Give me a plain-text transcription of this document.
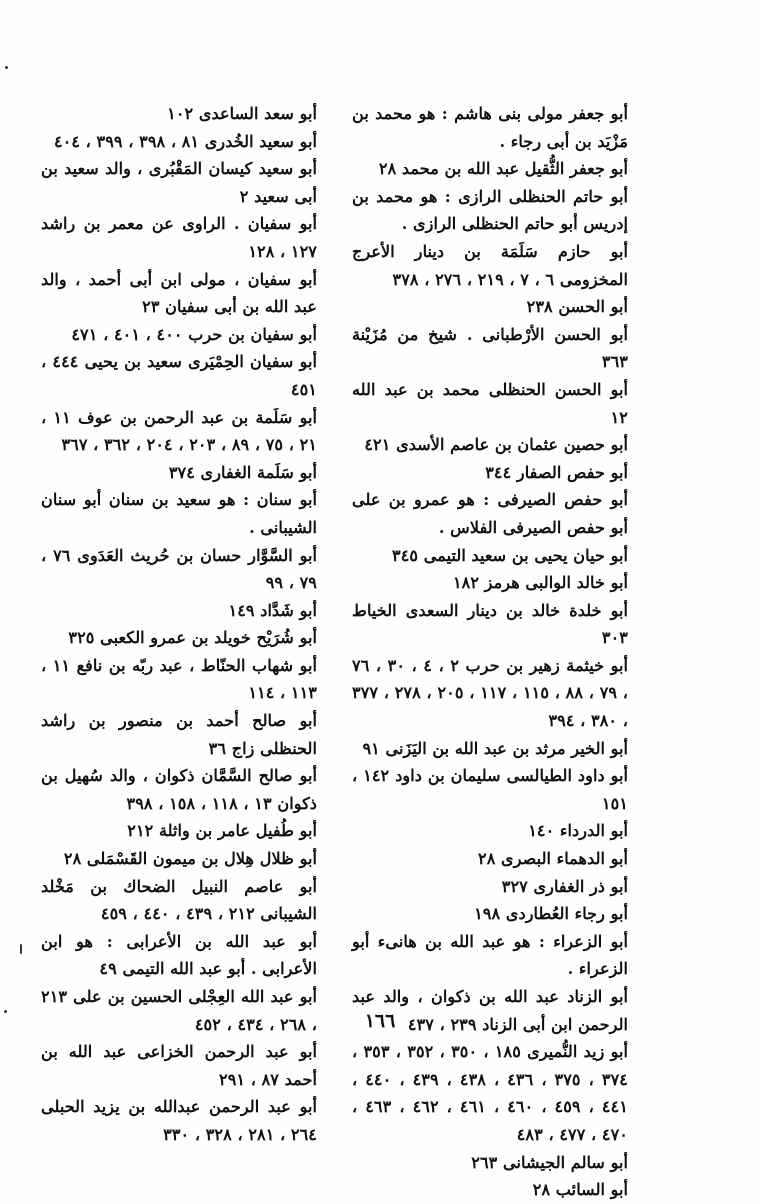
أبو جعفر مولى بنى هاشم : هو محمد بن مَزْيَد بن أبى رجاء .

أبو جعفر الثُّقيل عبد الله بن محمد ٢٨

أبو حاتم الحنظلى الرازى : هو محمد بن إدريس أبو حاتم الحنظلى الرازى .

أبو حازم سَلَمَة بن دينار الأعرج المخزومى ٦ ، ٧ ، ٢١٩ ، ٢٧٦ ، ٣٧٨

أبو الحسن ٢٣٨

أبو الحسن الأرْطبانى . شيخ من مُزَيْنة ٣٦٣

أبو الحسن الحنظلى محمد بن عبد الله ١٢

أبو حصين عثمان بن عاصم الأسدى ٤٢١

أبو حفص الصفار ٣٤٤

أبو حفص الصيرفى : هو عمرو بن على أبو حفص الصيرفى الفلاس .

أبو حيان يحيى بن سعيد التيمى ٣٤٥

أبو خالد الوالبى هرمز ١٨٢

أبو خلدة خالد بن دينار السعدى الخياط ٣٠٣

أبو خيثمة زهير بن حرب ٢ ، ٤ ، ٣٠ ، ٧٦ ، ٧٩ ، ٨٨ ، ١١٥ ، ١١٧ ، ٢٠٥ ، ٢٧٨ ، ٣٧٧ ، ٣٨٠ ، ٣٩٤

أبو الخير مرثد بن عبد الله بن اليَزَنى ٩١

أبو داود الطيالسى سليمان بن داود ١٤٢ ، ١٥١

أبو الدرداء ١٤٠

أبو الدهماء البصرى ٢٨

أبو ذر الغفارى ٣٢٧

أبو رجاء العُطاردى ١٩٨

أبو الزعراء : هو عبد الله بن هانىء أبو الزعراء .

أبو الزناد عبد الله بن ذكوان ، والد عبد الرحمن ابن أبى الزناد ٢٣٩ ، ٤٣٧

أبو زيد النُّميرى ١٨٥ ، ٣٥٠ ، ٣٥٢ ، ٣٥٣ ، ٣٧٤ ، ٣٧٥ ، ٤٣٦ ، ٤٣٨ ، ٤٣٩ ، ٤٤٠ ، ٤٤١ ، ٤٥٩ ، ٤٦٠ ، ٤٦١ ، ٤٦٢ ، ٤٦٣ ، ٤٧٠ ، ٤٧٧ ، ٤٨٣

أبو سالم الجيشانى ٢٦٣

أبو السائب ٢٨

أبو سعد الساعدى ١٠٢

أبو سعيد الخُدرى ٨١ ، ٣٩٨ ، ٣٩٩ ، ٤٠٤

أبو سعيد كيسان المَقْبُرى ، والد سعيد بن أبى سعيد ٢

أبو سفيان . الراوى عن معمر بن راشد ١٢٧ ، ١٢٨

أبو سفيان ، مولى ابن أبى أحمد ، والد عبد الله بن أبى سفيان ٢٣

أبو سفيان بن حرب ٤٠٠ ، ٤٠١ ، ٤٧١

أبو سفيان الحِمْيَرى سعيد بن يحيى ٤٤٤ ، ٤٥١

أبو سَلَمة بن عبد الرحمن بن عوف ١١ ، ٢١ ، ٧٥ ، ٨٩ ، ٢٠٣ ، ٢٠٤ ، ٣٦٢ ، ٣٦٧

أبو سَلَمة الغفارى ٣٧٤

أبو سنان : هو سعيد بن سنان أبو سنان الشيبانى .

أبو السَّوَّار حسان بن حُريث العَدَوى ٧٦ ، ٧٩ ، ٩٩

أبو شَدَّاد ١٤٩

أبو شُرَيْح خويلد بن عمرو الكعبى ٣٢٥

أبو شهاب الحنّاط ، عبد ربّه بن نافع ١١ ، ١١٣ ، ١١٤

أبو صالح أحمد بن منصور بن راشد الحنظلى زاج ٣٦

أبو صالح السَّمَّان ذكوان ، والد سُهيل بن ذكوان ١٣ ، ١١٨ ، ١٥٨ ، ٣٩٨

أبو طُفيل عامر بن واثلة ٢١٢

أبو ظلال هِلال بن ميمون القَسْمَلى ٢٨

أبو عاصم النبيل الضحاك بن مَخْلد الشيبانى ٢١٢ ، ٤٣٩ ، ٤٤٠ ، ٤٥٩

أبو عبد الله بن الأعرابى : هو ابن الأعرابى . أبو عبد الله التيمى ٤٩

أبو عبد الله العِجْلى الحسين بن على ٢١٣ ، ٢٦٨ ، ٤٣٤ ، ٤٥٢

أبو عبد الرحمن الخزاعى عبد الله بن أحمد ٨٧ ، ٢٩١

أبو عبد الرحمن عبدالله بن يزيد الحبلى ٢٦٤ ، ٢٨١ ، ٣٢٨ ، ٣٣٠

١٦٦
